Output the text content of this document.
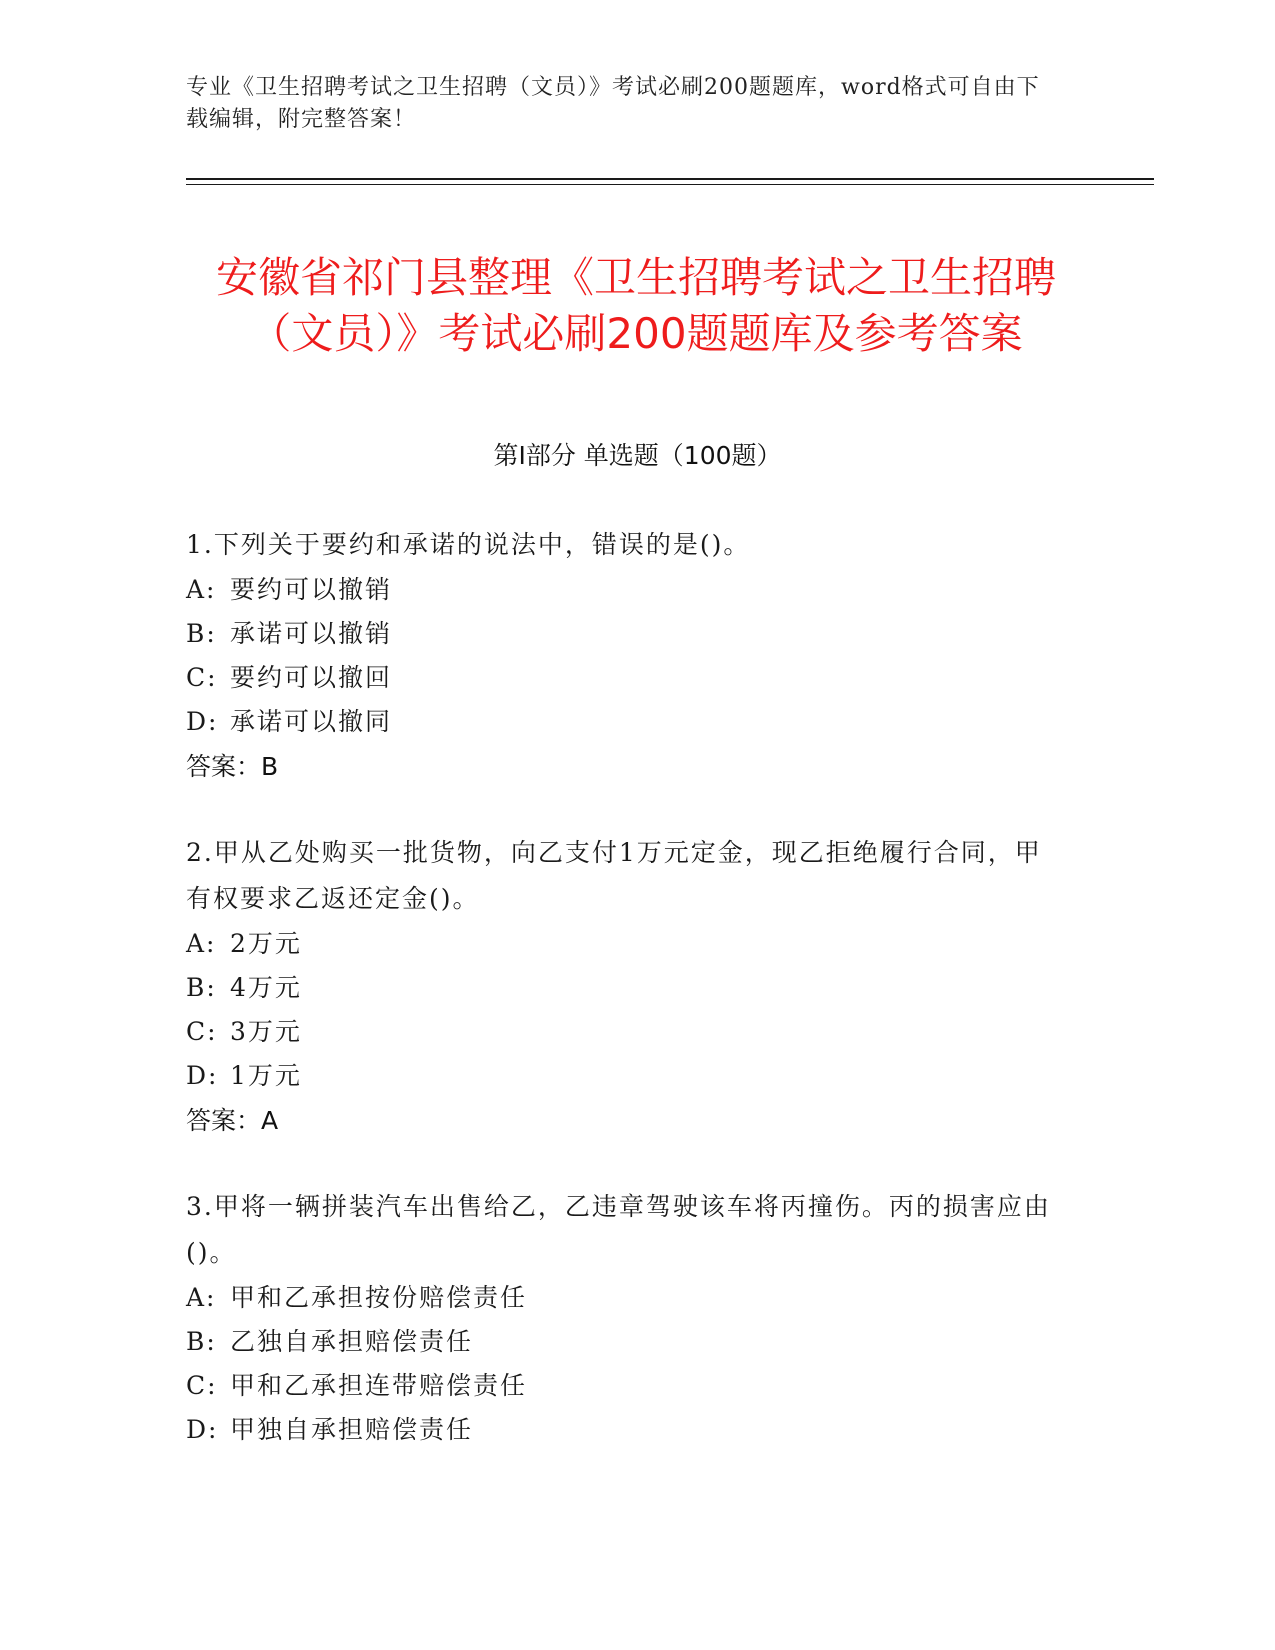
专业《卫生招聘考试之卫生招聘（文员）》考试必刷200题题库，word格式可自由下载编辑，附完整答案！
安徽省祁门县整理《卫生招聘考试之卫生招聘（文员）》考试必刷200题题库及参考答案
第Ⅰ部分 单选题（100题）
1.下列关于要约和承诺的说法中，错误的是()。
A: 要约可以撤销
B: 承诺可以撤销
C: 要约可以撤回
D: 承诺可以撤同
答案：B
2.甲从乙处购买一批货物，向乙支付1万元定金，现乙拒绝履行合同，甲有权要求乙返还定金()。
A: 2万元
B: 4万元
C: 3万元
D: 1万元
答案：A
3.甲将一辆拼装汽车出售给乙，乙违章驾驶该车将丙撞伤。丙的损害应由()。
A: 甲和乙承担按份赔偿责任
B: 乙独自承担赔偿责任
C: 甲和乙承担连带赔偿责任
D: 甲独自承担赔偿责任
